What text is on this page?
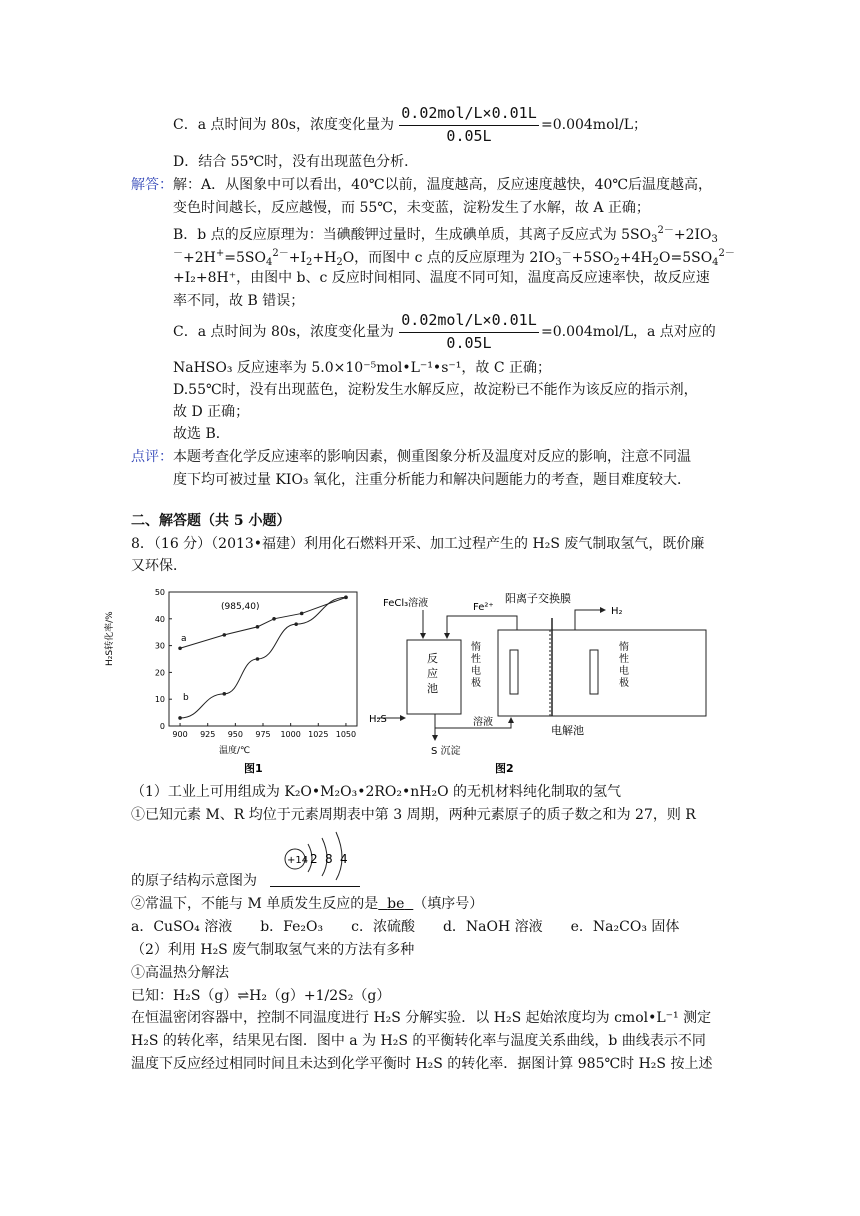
C．a 点时间为 80s，浓度变化量为
0.02mol/L×0.01L
0.05L
=0.004mol/L；
D．结合 55℃时，没有出现蓝色分析．
解答： 解：A．从图象中可以看出，40℃以前，温度越高，反应速度越快，40℃后温度越高，
变色时间越长，反应越慢，而 55℃，未变蓝，淀粉发生了水解，故 A 正确；
B．b 点的反应原理为：当碘酸钾过量时，生成碘单质，其离子反应式为 $5SO_3^{2-}+2IO_3$
$^-+2H^+=5SO_4^{2-}+I_2+H_2O$，而图中 c 点的反应原理为 $2IO_3^-+5SO_2+4H_2O=5SO_4^{2-}$
+I₂+8H⁺，由图中 b、c 反应时间相同、温度不同可知，温度高反应速率快，故反应速
率不同，故 B 错误；
C．a 点时间为 80s，浓度变化量为
0.02mol/L×0.01L
0.05L
=0.004mol/L，a 点对应的
NaHSO₃ 反应速率为 5.0×10⁻⁵mol•L⁻¹•s⁻¹，故 C 正确；
D.55℃时，没有出现蓝色，淀粉发生水解反应，故淀粉已不能作为该反应的指示剂，
故 D 正确；
故选 B．
点评： 本题考查化学反应速率的影响因素，侧重图象分析及温度对反应的影响，注意不同温
度下均可被过量 KIO₃ 氧化，注重分析能力和解决问题能力的考查，题目难度较大．
二、解答题（共 5 小题）
8．（16 分）（2013•福建）利用化石燃料开采、加工过程产生的 H₂S 废气制取氢气，既价廉
又环保．
0
10
20
30
40
50
900 925 950 975 1000 1025 1050
(985,40)
a
b
H₂S转化率/%
温度/℃
图1
反
应
池
惰
性
电
极
惰
性
电
极
FeCl₃溶液	Fe²⁺
阳离子交换膜
H₂
H₂S	溶液
电解池
S 沉淀
图2
（1）工业上可用组成为 K₂O•M₂O₃•2RO₂•nH₂O 的无机材料纯化制取的氢气
①已知元素 M、R 均位于元素周期表中第 3 周期，两种元素原子的质子数之和为 27，则 R
+14 2 8 4
的原子结构示意图为
②常温下，不能与 M 单质发生反应的是 be （填序号）
a．CuSO₄ 溶液　　b．Fe₂O₃　　c．浓硫酸　　d．NaOH 溶液　　e．Na₂CO₃ 固体
（2）利用 H₂S 废气制取氢气来的方法有多种
①高温热分解法
已知：H₂S（g）⇌H₂（g）+1/2S₂（g）
在恒温密闭容器中，控制不同温度进行 H₂S 分解实验．以 H₂S 起始浓度均为 cmol•L⁻¹ 测定
H₂S 的转化率，结果见右图．图中 a 为 H₂S 的平衡转化率与温度关系曲线，b 曲线表示不同
温度下反应经过相同时间且未达到化学平衡时 H₂S 的转化率．据图计算 985℃时 H₂S 按上述
